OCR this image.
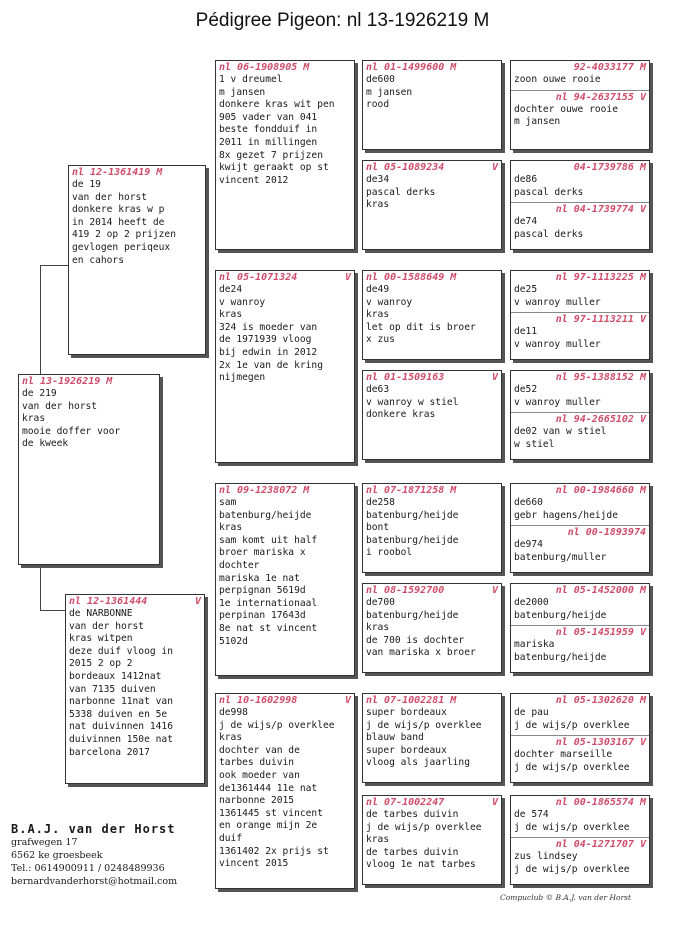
Pédigree Pigeon: nl 13-1926219 M
nl 13-1926219 M
de 219
van der horst
kras
mooie doffer voor
de kweek
nl 12-1361419 M
de 19
van der horst
donkere kras w p
in 2014 heeft de
419 2 op 2 prijzen
gevlogen periqeux
en cahors
nl 12-1361444	V
de NARBONNE
van der horst
kras witpen
deze duif vloog in
2015 2 op 2
bordeaux 1412nat
van 7135 duiven
narbonne 11nat van
5338 duiven en 5e
nat duivinnen 1416
duivinnen 150e nat
barcelona 2017
nl 06-1908905 M
1 v dreumel
m jansen
donkere kras wit pen
905 vader van 041
beste fondduif in
2011 in millingen
8x gezet 7 prijzen
kwijt geraakt op st
vincent 2012
nl 05-1071324	V
de24
v wanroy
kras
324 is moeder van
de 1971939 vloog
bij edwin in 2012
2x 1e van de kring
nijmegen
nl 09-1238072 M
sam
batenburg/heijde
kras
sam komt uit half
broer mariska x
dochter
mariska 1e nat
perpignan 5619d
1e internationaal
perpinan 17643d
8e nat st vincent
5102d
nl 10-1602998	V
de998
j de wijs/p overklee
kras
dochter van de
tarbes duivin
ook moeder van
de1361444 11e nat
narbonne 2015
1361445 st vincent
en orange mijn 2e
duif
1361402 2x prijs st
vincent 2015
nl 01-1499600 M
de600
m jansen
rood
nl 05-1089234	V
de34
pascal derks
kras
nl 00-1588649 M
de49
v wanroy
kras
let op dit is broer
x zus
nl 01-1509163	V
de63
v wanroy w stiel
donkere kras
nl 07-1871258 M
de258
batenburg/heijde
bont
batenburg/heijde
i roobol
nl 08-1592700	V
de700
batenburg/heijde
kras
de 700 is dochter
van mariska x broer
nl 07-1002281 M
super bordeaux
j de wijs/p overklee
blauw band
super bordeaux
vloog als jaarling
nl 07-1002247	V
de tarbes duivin
j de wijs/p overklee
kras
de tarbes duivin
vloog 1e nat tarbes
92-4033177 M
zoon ouwe rooie
nl 94-2637155 V
dochter ouwe rooie
m jansen
04-1739786 M
de86
pascal derks
nl 04-1739774 V
de74
pascal derks
nl 97-1113225 M
de25
v wanroy muller
nl 97-1113211 V
de11
v wanroy muller
nl 95-1388152 M
de52
v wanroy muller
nl 94-2665102 V
de02 van w stiel
w stiel
nl 00-1984660 M
de660
gebr hagens/heijde
nl 00-1893974
de974
batenburg/muller
nl 05-1452000 M
de2000
batenburg/heijde
nl 05-1451959 V
mariska
batenburg/heijde
nl 05-1302620 M
de pau
j de wijs/p overklee
nl 05-1303167 V
dochter marseille
j de wijs/p overklee
nl 00-1865574 M
de 574
j de wijs/p overklee
nl 04-1271707 V
zus lindsey
j de wijs/p overklee
B.A.J. van der Horst
grafwegen 17
6562 ke groesbeek
Tel.: 0614900911 / 0248489936
bernardvanderhorst@hotmail.com
Compuclub © B.A.J. van der Horst
